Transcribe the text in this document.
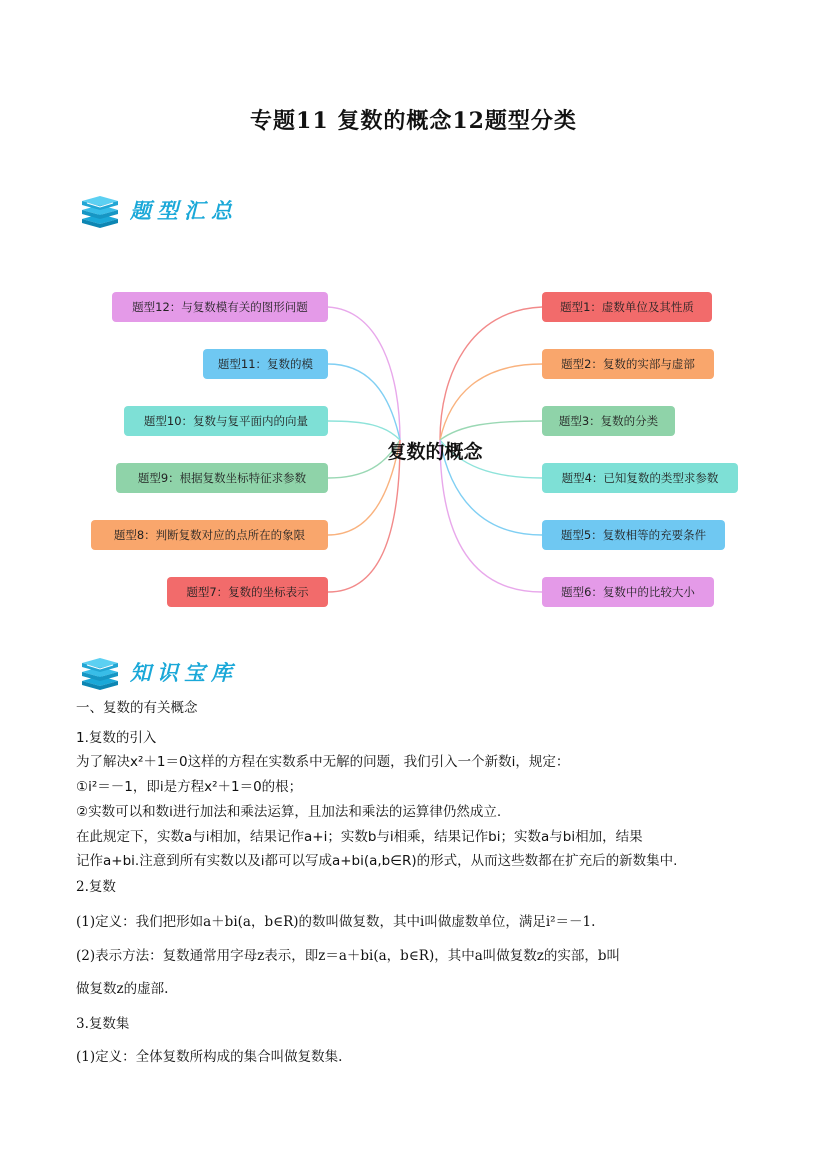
专题11 复数的概念12题型分类
题型汇总
复数的概念
题型1：虚数单位及其性质
题型2：复数的实部与虚部
题型3：复数的分类
题型4：已知复数的类型求参数
题型5：复数相等的充要条件
题型6：复数中的比较大小
题型12：与复数模有关的图形问题
题型11：复数的模
题型10：复数与复平面内的向量
题型9：根据复数坐标特征求参数
题型8：判断复数对应的点所在的象限
题型7：复数的坐标表示
知识宝库
一、复数的有关概念
1.复数的引入
为了解决x²＋1＝0这样的方程在实数系中无解的问题，我们引入一个新数i，规定：
①i²＝－1，即i是方程x²＋1＝0的根；
②实数可以和数i进行加法和乘法运算，且加法和乘法的运算律仍然成立.
在此规定下，实数a与i相加，结果记作a+i；实数b与i相乘，结果记作bi；实数a与bi相加，结果
记作a+bi.注意到所有实数以及i都可以写成a+bi(a,b∈R)的形式，从而这些数都在扩充后的新数集中.
2.复数
(1)定义：我们把形如a＋bi(a，b∈R)的数叫做复数，其中i叫做虚数单位，满足i²＝－1.
(2)表示方法：复数通常用字母z表示，即z＝a＋bi(a，b∈R)，其中a叫做复数z的实部，b叫
做复数z的虚部.
3.复数集
(1)定义：全体复数所构成的集合叫做复数集.
